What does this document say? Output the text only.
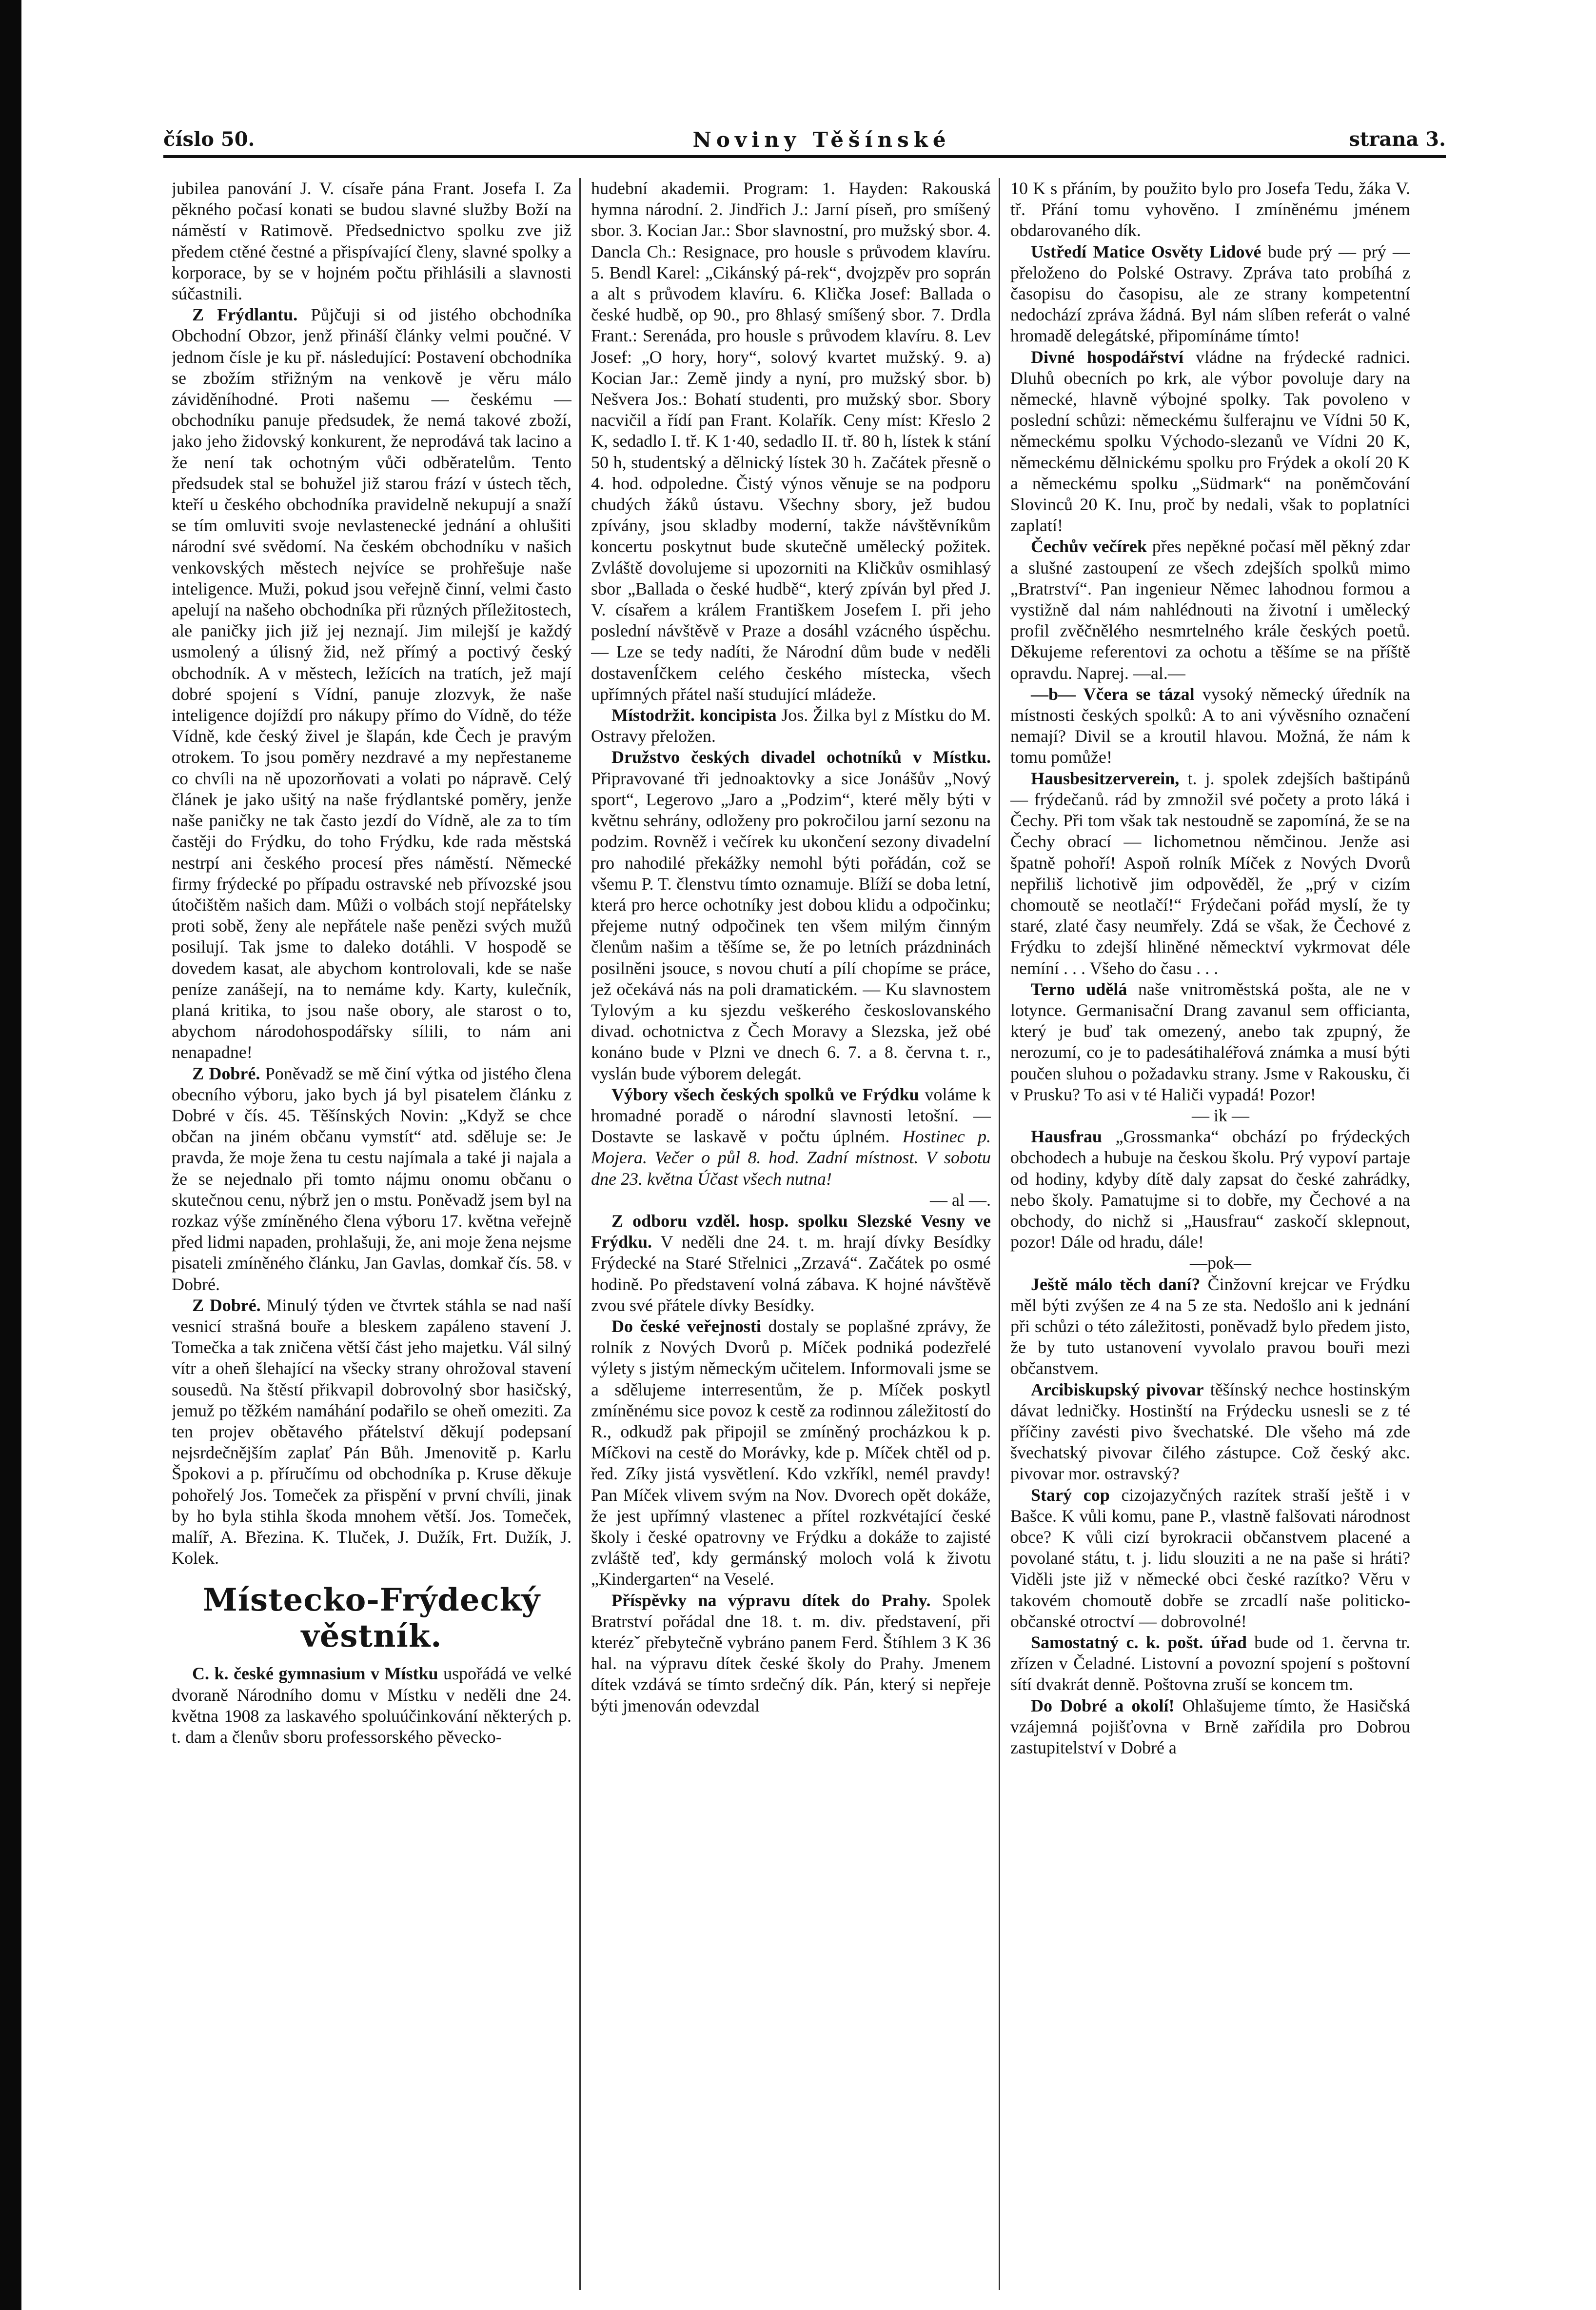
číslo 50.	Noviny Těšínské	strana 3.

jubilea panování J. V. císaře pána Frant. Josefa I. Za pěkného počasí konati se budou slavné služby Boží na náměstí v Ratimově. Předsednictvo spolku zve již předem ctěné čestné a přispívající členy, slavné spolky a korporace, by se v hojném počtu přihlásili a slavnosti súčastnili.

Z Frýdlantu. Půjčuji si od jistého obchodníka Obchodní Obzor, jenž přináší články velmi poučné. V jednom čísle je ku př. následující: Postavení obchodníka se zbožím střižným na venkově je věru málo záviděníhodné. Proti našemu — českému — obchodníku panuje předsudek, že nemá takové zboží, jako jeho židovský konkurent, že neprodává tak lacino a že není tak ochotným vůči odběratelům. Tento předsudek stal se bohužel již starou frází v ústech těch, kteří u českého obchodníka pravidelně nekupují a snaží se tím omluviti svoje nevlastenecké jednání a ohlušiti národní své svědomí. Na českém obchodníku v našich venkovských městech nejvíce se prohřešuje naše inteligence. Muži, pokud jsou veřejně činní, velmi často apelují na našeho obchodníka při různých příležitostech, ale paničky jich již jej neznají. Jim milejší je každý usmolený a úlisný žid, než přímý a poctivý český obchodník. A v městech, ležících na tratích, jež mají dobré spojení s Vídní, panuje zlozvyk, že naše inteligence dojíždí pro nákupy přímo do Vídně, do téže Vídně, kde český živel je šlapán, kde Čech je pravým otrokem. To jsou poměry nezdravé a my nepřestaneme co chvíli na ně upozorňovati a volati po nápravě. Celý článek je jako ušitý na naše frýdlantské poměry, jenže naše paničky ne tak často jezdí do Vídně, ale za to tím častěji do Frýdku, do toho Frýdku, kde rada městská nestrpí ani českého procesí přes náměstí. Německé firmy frýdecké po případu ostravské neb přívozské jsou útočištěm našich dam. Mûži o volbách stojí nepřátelsky proti sobě, ženy ale nepřátele naše penězi svých mužů posilují. Tak jsme to daleko dotáhli. V hospodě se dovedem kasat, ale abychom kontrolovali, kde se naše peníze zanášejí, na to nemáme kdy. Karty, kulečník, planá kritika, to jsou naše obory, ale starost o to, abychom národohospodářsky sílili, to nám ani nenapadne!

Z Dobré. Poněvadž se mě činí výtka od jistého člena obecního výboru, jako bych já byl pisatelem článku z Dobré v čís. 45. Těšínských Novin: „Když se chce občan na jiném občanu vymstít“ atd. sděluje se: Je pravda, že moje žena tu cestu najímala a také ji najala a že se nejednalo při tomto nájmu onomu občanu o skutečnou cenu, nýbrž jen o mstu. Poněvadž jsem byl na rozkaz výše zmíněného člena výboru 17. května veřejně před lidmi napaden, prohlašuji, že, ani moje žena nejsme pisateli zmíněného článku, Jan Gavlas, domkař čís. 58. v Dobré.

Z Dobré. Minulý týden ve čtvrtek stáhla se nad naší vesnicí strašná bouře a bleskem zapáleno stavení J. Tomečka a tak zničena větší část jeho majetku. Vál silný vítr a oheň šlehající na všecky strany ohrožoval stavení sousedů. Na štěstí přikvapil dobrovolný sbor hasičský, jemuž po těžkém namáhání podařilo se oheň omeziti. Za ten projev obětavého přátelství děkují podepsaní nejsrdečnějším zaplať Pán Bůh. Jmenovitě p. Karlu Špokovi a p. příručímu od obchodníka p. Kruse děkuje pohořelý Jos. Tomeček za přispění v první chvíli, jinak by ho byla stihla škoda mnohem větší. Jos. Tomeček, malíř, A. Březina. K. Tluček, J. Dužík, Frt. Dužík, J. Kolek.

Místecko-Frýdecký věstník.

C. k. české gymnasium v Místku uspořádá ve velké dvoraně Národního domu v Místku v neděli dne 24. května 1908 za laskavého spoluúčinkování některých p. t. dam a členův sboru professorského pěvecko-

hudební akademii. Program: 1. Hayden: Rakouská hymna národní. 2. Jindřich J.: Jarní píseň, pro smíšený sbor. 3. Kocian Jar.: Sbor slavnostní, pro mužský sbor. 4. Dancla Ch.: Resignace, pro housle s průvodem klavíru. 5. Bendl Karel: „Cikánský pá-rek“, dvojzpěv pro soprán a alt s průvodem klavíru. 6. Klička Josef: Ballada o české hudbě, op 90., pro 8hlasý smíšený sbor. 7. Drdla Frant.: Serenáda, pro housle s průvodem klavíru. 8. Lev Josef: „O hory, hory“, solový kvartet mužský. 9. a) Kocian Jar.: Země jindy a nyní, pro mužský sbor. b) Nešvera Jos.: Bohatí studenti, pro mužský sbor. Sbory nacvičil a řídí pan Frant. Kolařík. Ceny míst: Křeslo 2 K, sedadlo I. tř. K 1·40, sedadlo II. tř. 80 h, lístek k stání 50 h, studentský a dělnický lístek 30 h. Začátek přesně o 4. hod. odpoledne. Čistý výnos věnuje se na podporu chudých žáků ústavu. Všechny sbory, jež budou zpívány, jsou skladby moderní, takže návštěvníkům koncertu poskytnut bude skutečně umělecký požitek. Zvláště dovolujeme si upozorniti na Kličkův osmihlasý sbor „Ballada o české hudbě“, který zpíván byl před J. V. císařem a králem Františkem Josefem I. při jeho poslední návštěvě v Praze a dosáhl vzácného úspěchu. — Lze se tedy nadíti, že Národní dům bude v neděli dostavenÍčkem celého českého místecka, všech upřímných přátel naší studující mládeže.

Místodržit. koncipista Jos. Žilka byl z Místku do M. Ostravy přeložen.

Družstvo českých divadel ochotníků v Místku. Připravované tři jednoaktovky a sice Jonášův „Nový sport“, Legerovo „Jaro a „Podzim“, které měly býti v květnu sehrány, odloženy pro pokročilou jarní sezonu na podzim. Rovněž i večírek ku ukončení sezony divadelní pro nahodilé překážky nemohl býti pořádán, což se všemu P. T. členstvu tímto oznamuje. Blíží se doba letní, která pro herce ochotníky jest dobou klidu a odpočinku; přejeme nutný odpočinek ten všem milým činným členům našim a těšíme se, že po letních prázdninách posilněni jsouce, s novou chutí a pílí chopíme se práce, jež očekává nás na poli dramatickém. — Ku slavnostem Tylovým a ku sjezdu veškerého českoslovanského divad. ochotnictva z Čech Moravy a Slezska, jež obé konáno bude v Plzni ve dnech 6. 7. a 8. června t. r., vyslán bude výborem delegát.

Výbory všech českých spolků ve Frýdku voláme k hromadné poradě o národní slavnosti letošní. — Dostavte se laskavě v počtu úplném. Hostinec p. Mojera. Večer o půl 8. hod. Zadní místnost. V sobotu dne 23. května Účast všech nutna!

— al —.

Z odboru vzděl. hosp. spolku Slezské Vesny ve Frýdku. V neděli dne 24. t. m. hrají dívky Besídky Frýdecké na Staré Střelnici „Zrzavá“. Začátek po osmé hodině. Po představení volná zábava. K hojné návštěvě zvou své přátele dívky Besídky.

Do české veřejnosti dostaly se poplašné zprávy, že rolník z Nových Dvorů p. Míček podniká podezřelé výlety s jistým německým učitelem. Informovali jsme se a sdělujeme interresentům, že p. Míček poskytl zmíněnému sice povoz k cestě za rodinnou záležitostí do R., odkudž pak připojil se zmíněný procházkou k p. Míčkovi na cestě do Morávky, kde p. Míček chtěl od p. řed. Zíky jistá vysvětlení. Kdo vzkříkl, nemél pravdy! Pan Míček vlivem svým na Nov. Dvorech opět dokáže, že jest upřímný vlastenec a přítel rozkvétající české školy i české opatrovny ve Frýdku a dokáže to zajisté zvláště teď, kdy germánský moloch volá k životu „Kindergarten“ na Veselé.

Příspěvky na výpravu dítek do Prahy. Spolek Bratrství pořádal dne 18. t. m. div. představení, při kterézˇ přebytečně vybráno panem Ferd. Štíhlem 3 K 36 hal. na výpravu dítek české školy do Prahy. Jmenem dítek vzdává se tímto srdečný dík. Pán, který si nepřeje býti jmenován odevzdal

10 K s přáním, by použito bylo pro Josefa Tedu, žáka V. tř. Přání tomu vyhověno. I zmíněnému jménem obdarovaného dík.

Ustředí Matice Osvěty Lidové bude prý — prý — přeloženo do Polské Ostravy. Zpráva tato probíhá z časopisu do časopisu, ale ze strany kompetentní nedochází zpráva žádná. Byl nám slíben referát o valné hromadě delegátské, připomínáme tímto!

Divné hospodářství vládne na frýdecké radnici. Dluhů obecních po krk, ale výbor povoluje dary na německé, hlavně výbojné spolky. Tak povoleno v poslední schůzi: německému šulferajnu ve Vídni 50 K, německému spolku Východo-slezanů ve Vídni 20 K, německému dělnickému spolku pro Frýdek a okolí 20 K a německému spolku „Südmark“ na poněmčování Slovinců 20 K. Inu, proč by nedali, však to poplatníci zaplatí!

Čechův večírek přes nepěkné počasí měl pěkný zdar a slušné zastoupení ze všech zdejších spolků mimo „Bratrství“. Pan ingenieur Němec lahodnou formou a vystižně dal nám nahlédnouti na životní i umělecký profil zvěčnělého nesmrtelného krále českých poetů. Děkujeme referentovi za ochotu a těšíme se na příště opravdu. Naprej. —al.—

—b— Včera se tázal vysoký německý úředník na místnosti českých spolků: A to ani vývěsního označení nemají? Divil se a kroutil hlavou. Možná, že nám k tomu pomůže!

Hausbesitzerverein, t. j. spolek zdejších baštipánů — frýdečanů. rád by zmnožil své počety a proto láká i Čechy. Při tom však tak nestoudně se zapomíná, že se na Čechy obrací — lichometnou němčinou. Jenže asi špatně pohoří! Aspoň rolník Míček z Nových Dvorů nepřiliš lichotivě jim odpověděl, že „prý v cizím chomoutě se neotlačí!“ Frýdečani pořád myslí, že ty staré, zlaté časy neumřely. Zdá se však, že Čechové z Frýdku to zdejší hliněné německtví vykrmovat déle nemíní . . . Všeho do času . . .

Terno udělá naše vnitroměstská pošta, ale ne v lotynce. Germanisační Drang zavanul sem officianta, který je buď tak omezený, anebo tak zpupný, že nerozumí, co je to padesátihaléřová známka a musí býti poučen sluhou o požadavku strany. Jsme v Rakousku, či v Prusku? To asi v té Haliči vypadá! Pozor!

— ik —

Hausfrau „Grossmanka“ obchází po frýdeckých obchodech a hubuje na českou školu. Prý vypoví partaje od hodiny, kdyby dítě daly zapsat do české zahrádky, nebo školy. Pamatujme si to dobře, my Čechové a na obchody, do nichž si „Hausfrau“ zaskočí sklepnout, pozor! Dále od hradu, dále!

—pok—

Ještě málo těch daní? Činžovní krejcar ve Frýdku měl býti zvýšen ze 4 na 5 ze sta. Nedošlo ani k jednání při schůzi o této záležitosti, poněvadž bylo předem jisto, že by tuto ustanovení vyvolalo pravou bouři mezi občanstvem.

Arcibiskupský pivovar těšínský nechce hostinským dávat ledničky. Hostinští na Frýdecku usnesli se z té příčiny zavésti pivo švechatské. Dle všeho má zde švechatský pivovar čilého zástupce. Což český akc. pivovar mor. ostravský?

Starý cop cizojazyčných razítek straší ještě i v Bašce. K vůli komu, pane P., vlastně falšovati národnost obce? K vůli cizí byrokracii občanstvem placené a povolané státu, t. j. lidu slouziti a ne na paše si hráti? Viděli jste již v německé obci české razítko? Věru v takovém chomoutě dobře se zrcadlí naše politicko-občanské otroctví — dobrovolné!

Samostatný c. k. pošt. úřad bude od 1. června tr. zřízen v Čeladné. Listovní a povozní spojení s poštovní sítí dvakrát denně. Poštovna zruší se koncem tm.

Do Dobré a okolí! Ohlašujeme tímto, že Hasičská vzájemná pojišťovna v Brně zařídila pro Dobrou zastupitelství v Dobré a
